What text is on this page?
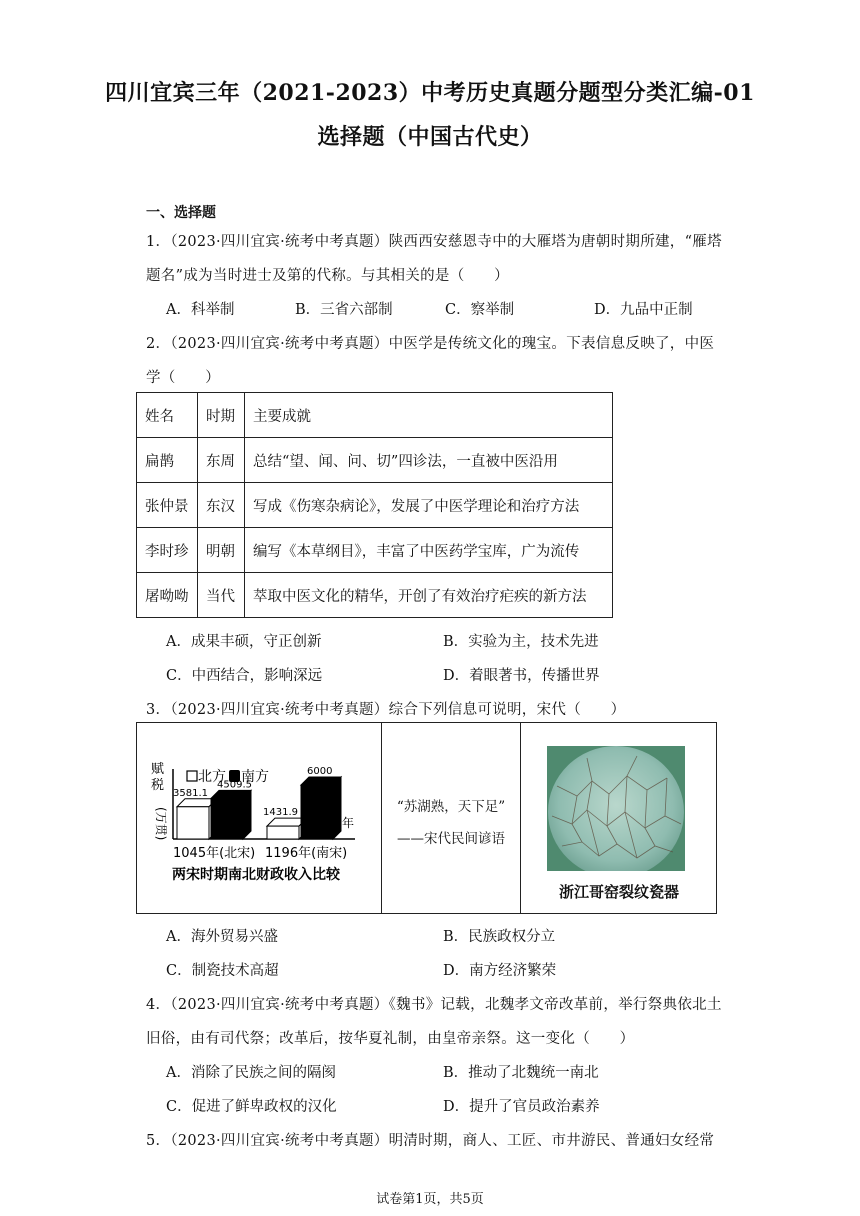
四川宜宾三年（2021-2023）中考历史真题分题型分类汇编-01
选择题（中国古代史）
一、选择题
1．（2023·四川宜宾·统考中考真题）陕西西安慈恩寺中的大雁塔为唐朝时期所建，“雁塔
题名”成为当时进士及第的代称。与其相关的是（　　）
A．科举制	B．三省六部制	C．察举制	D．九品中正制
2．（2023·四川宜宾·统考中考真题）中医学是传统文化的瑰宝。下表信息反映了，中医
学（　　）
姓名	时期	主要成就
扁鹊	东周	总结“望、闻、问、切”四诊法，一直被中医沿用
张仲景	东汉	写成《伤寒杂病论》，发展了中医学理论和治疗方法
李时珍	明朝	编写《本草纲目》，丰富了中医药学宝库，广为流传
屠呦呦	当代	萃取中医文化的精华，开创了有效治疗疟疾的新方法
A．成果丰硕，守正创新	B．实验为主，技术先进
C．中西结合，影响深远	D．着眼著书，传播世界
3．（2023·四川宜宾·统考中考真题）综合下列信息可说明，宋代（　　）
赋
税
(万贯)	年
北方 南方
3581.1
4509.5
1045年(北宋)
1431.9
6000
1196年(南宋)
两宋时期南北财政收入比较
“苏湖熟，天下足”
——宋代民间谚语
浙江哥窑裂纹瓷器
A．海外贸易兴盛	B．民族政权分立
C．制瓷技术高超	D．南方经济繁荣
4．（2023·四川宜宾·统考中考真题）《魏书》记载，北魏孝文帝改革前，举行祭典依北土
旧俗，由有司代祭；改革后，按华夏礼制，由皇帝亲祭。这一变化（　　）
A．消除了民族之间的隔阂	B．推动了北魏统一南北
C．促进了鲜卑政权的汉化	D．提升了官员政治素养
5．（2023·四川宜宾·统考中考真题）明清时期，商人、工匠、市井游民、普通妇女经常
试卷第1页，共5页
